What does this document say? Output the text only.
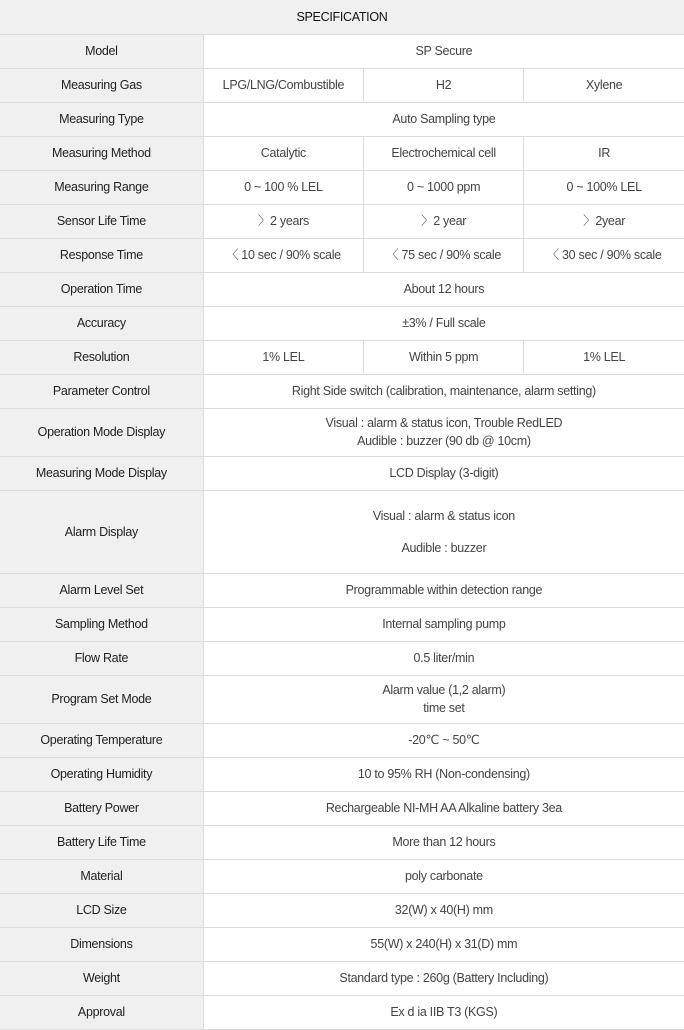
SPECIFICATION			
Model	SP Secure		
Measuring Gas	LPG/LNG/Combustible	H2	Xylene
Measuring Type	Auto Sampling type		
Measuring Method	Catalytic	Electrochemical cell	IR
Measuring Range	0 ~ 100 % LEL	0 ~ 1000 ppm	0 ~ 100% LEL
Sensor Life Time	〉2 years	〉2 year	〉2year
Response Time	〈 10 sec / 90% scale	〈 75 sec / 90% scale	〈 30 sec / 90% scale
Operation Time	About 12 hours		
Accuracy	±3% / Full scale		
Resolution	1% LEL	Within 5 ppm	1% LEL
Parameter Control	Right Side switch (calibration, maintenance, alarm setting)		
Operation Mode Display	Visual : alarm & status icon, Trouble RedLED
Audible : buzzer (90 db @ 10cm)		

Measuring Mode Display	LCD Display (3-digit)		
Alarm Display	Visual : alarm & status icon
Audible : buzzer		

Alarm Level Set	Programmable within detection range		
Sampling Method	Internal sampling pump		
Flow Rate	0.5 liter/min		
Program Set Mode	Alarm value (1,2 alarm)
time set		

Operating Temperature	-20℃ ~ 50℃		
Operating Humidity	10 to 95% RH (Non-condensing)		
Battery Power	Rechargeable NI-MH AA Alkaline battery 3ea		
Battery Life Time	More than 12 hours		
Material	poly carbonate		
LCD Size	32(W) x 40(H) mm		
Dimensions	55(W) x 240(H) x 31(D) mm		
Weight	Standard type : 260g (Battery Including)		
Approval	Ex d ia IIB T3 (KGS)		
